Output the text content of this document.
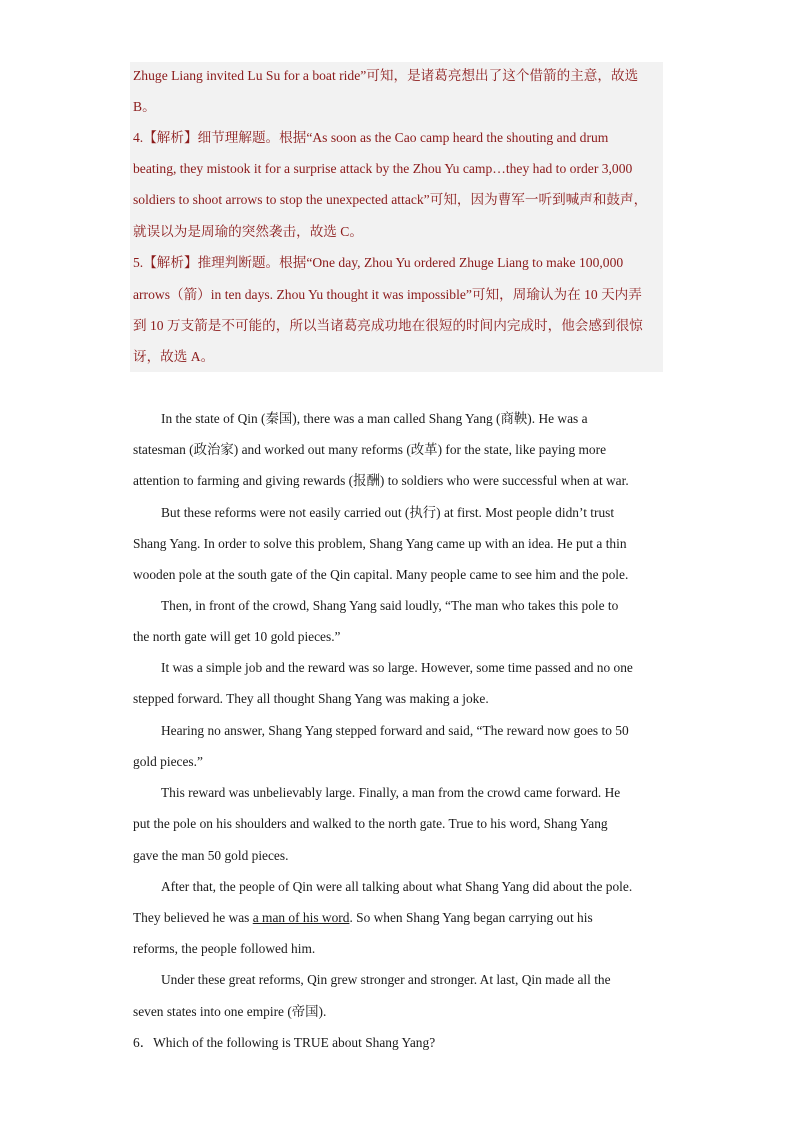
Zhuge Liang invited Lu Su for a boat ride”可知，是诸葛亮想出了这个借箭的主意，故选
B。
4.【解析】细节理解题。根据“As soon as the Cao camp heard the shouting and drum
beating, they mistook it for a surprise attack by the Zhou Yu camp…they had to order 3,000
soldiers to shoot arrows to stop the unexpected attack”可知，因为曹军一听到喊声和鼓声，
就误以为是周瑜的突然袭击，故选 C。
5.【解析】推理判断题。根据“One day, Zhou Yu ordered Zhuge Liang to make 100,000
arrows（箭）in ten days. Zhou Yu thought it was impossible”可知，周瑜认为在 10 天内弄
到 10 万支箭是不可能的，所以当诸葛亮成功地在很短的时间内完成时，他会感到很惊
讶，故选 A。
In the state of Qin (秦国), there was a man called Shang Yang (商鞅). He was a
statesman (政治家) and worked out many reforms (改革) for the state, like paying more
attention to farming and giving rewards (报酬) to soldiers who were successful when at war.
But these reforms were not easily carried out (执行) at first. Most people didn’t trust
Shang Yang. In order to solve this problem, Shang Yang came up with an idea. He put a thin
wooden pole at the south gate of the Qin capital. Many people came to see him and the pole.
Then, in front of the crowd, Shang Yang said loudly, “The man who takes this pole to
the north gate will get 10 gold pieces.”
It was a simple job and the reward was so large. However, some time passed and no one
stepped forward. They all thought Shang Yang was making a joke.
Hearing no answer, Shang Yang stepped forward and said, “The reward now goes to 50
gold pieces.”
This reward was unbelievably large. Finally, a man from the crowd came forward. He
put the pole on his shoulders and walked to the north gate. True to his word, Shang Yang
gave the man 50 gold pieces.
After that, the people of Qin were all talking about what Shang Yang did about the pole.
They believed he was a man of his word. So when Shang Yang began carrying out his
reforms, the people followed him.
Under these great reforms, Qin grew stronger and stronger. At last, Qin made all the
seven states into one empire (帝国).
6．Which of the following is TRUE about Shang Yang?
